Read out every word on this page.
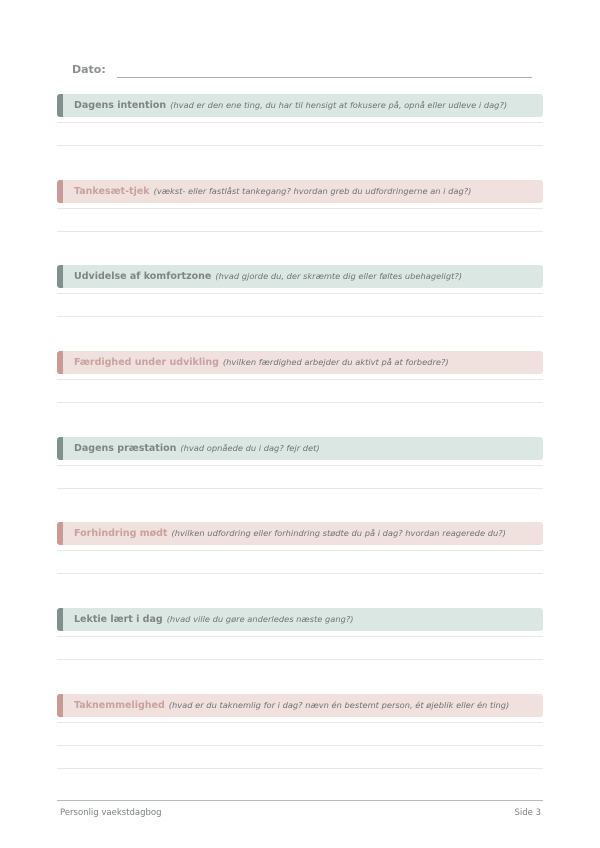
Dato:
Dagens intention (hvad er den ene ting, du har til hensigt at fokusere på, opnå eller udleve i dag?)
Tankesæt-tjek (vækst- eller fastlåst tankegang? hvordan greb du udfordringerne an i dag?)
Udvidelse af komfortzone (hvad gjorde du, der skræmte dig eller føltes ubehageligt?)
Færdighed under udvikling (hvilken færdighed arbejder du aktivt på at forbedre?)
Dagens præstation (hvad opnåede du i dag? fejr det)
Forhindring mødt (hvilken udfordring eller forhindring stødte du på i dag? hvordan reagerede du?)
Lektie lært i dag (hvad ville du gøre anderledes næste gang?)
Taknemmelighed (hvad er du taknemlig for i dag? nævn én bestemt person, ét øjeblik eller én ting)
Personlig vaekstdagbog	Side 3
